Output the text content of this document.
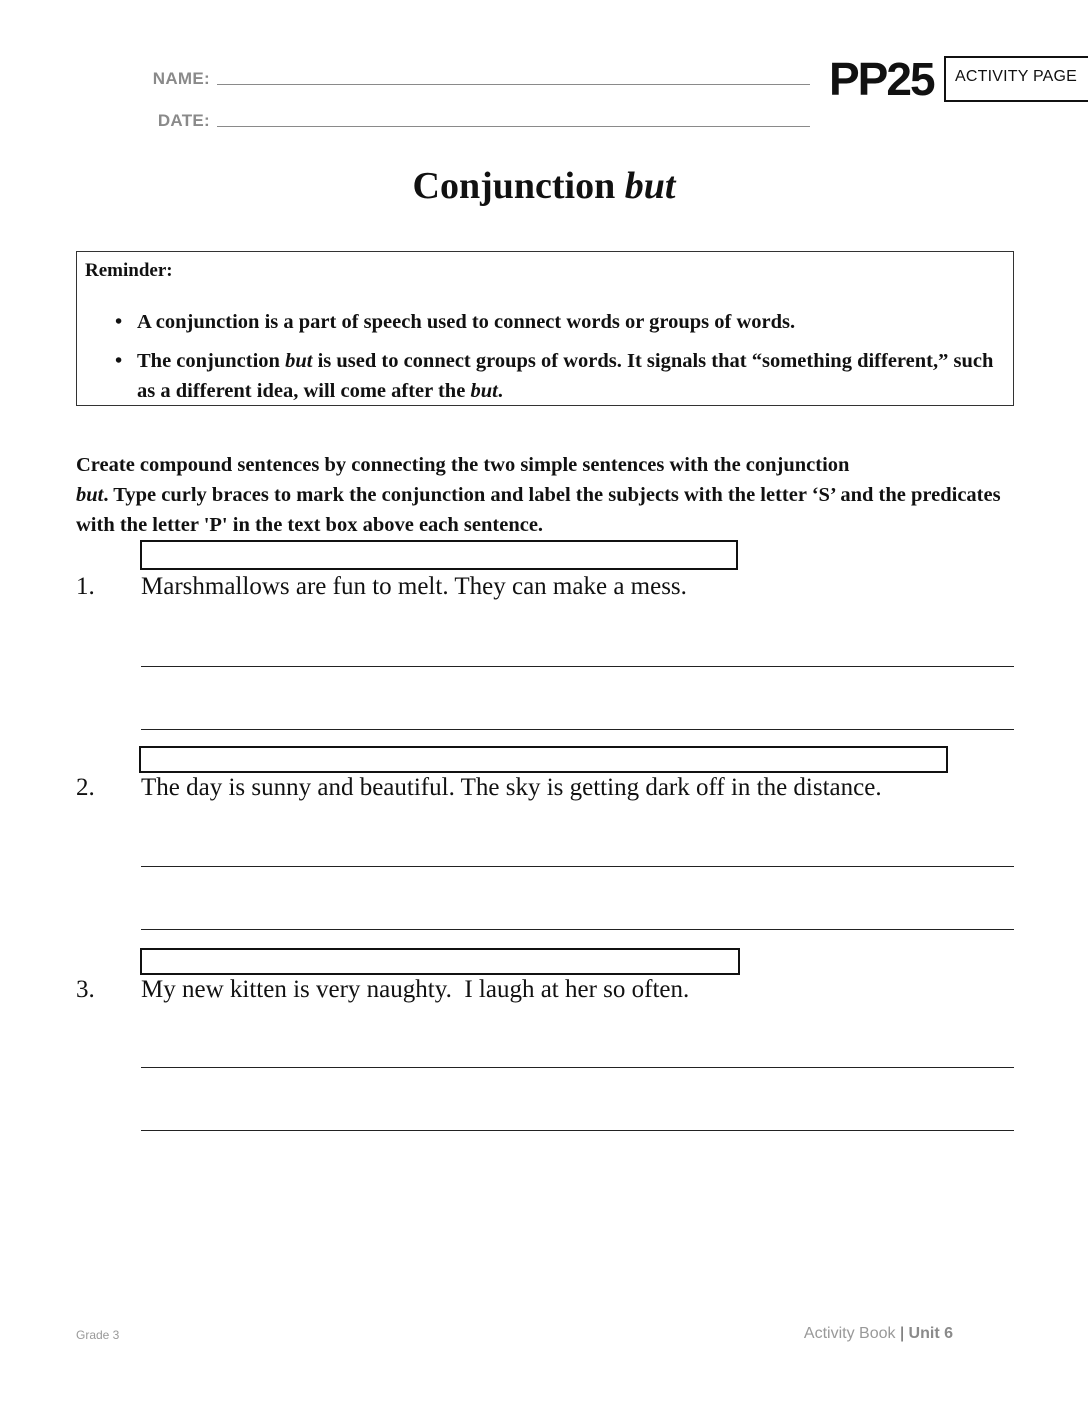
NAME:
DATE:
PP25	ACTIVITY PAGE
Conjunction but
Reminder:
• A conjunction is a part of speech used to connect words or groups of words.
• The conjunction but is used to connect groups of words. It signals that “something different,” such as a different idea, will come after the but.
Create compound sentences by connecting the two simple sentences with the conjunction
but. Type curly braces to mark the conjunction and label the subjects with the letter ‘S’ and the predicates with the letter 'P' in the text box above each sentence.
1. Marshmallows are fun to melt. They can make a mess.
2. The day is sunny and beautiful. The sky is getting dark off in the distance.
3. My new kitten is very naughty.  I laugh at her so often.
Grade 3	Activity Book | Unit 6
